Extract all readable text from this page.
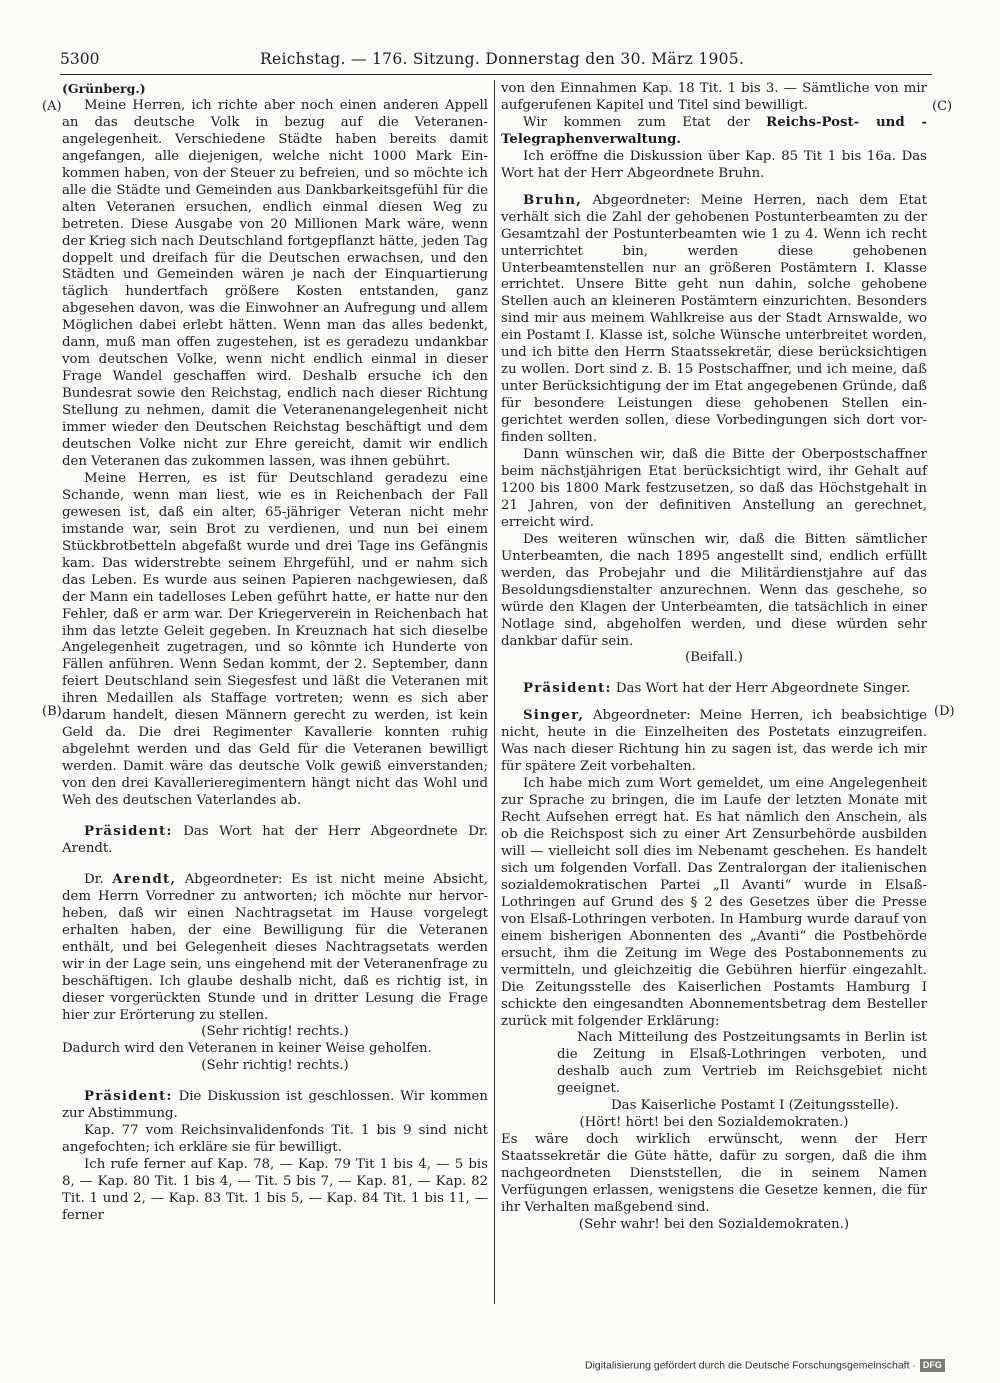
5300	Reichstag. — 176. Sitzung. Donnerstag den 30. März 1905.
(A)
(B)
(C)
(D)

(Grünberg.)

Meine Herren, ich richte aber noch einen anderen Appell an das deutsche Volk in bezug auf die Veteranenangelegenheit. Verschiedene Städte haben bereits damit angefangen, alle diejenigen, welche nicht 1000 Mark Einkommen haben, von der Steuer zu befreien, und so möchte ich alle die Städte und Gemeinden aus Dankbarkeitsgefühl für die alten Veteranen ersuchen, endlich einmal diesen Weg zu betreten. Diese Ausgabe von 20 Millionen Mark wäre, wenn der Krieg sich nach Deutschland fortgepflanzt hätte, jeden Tag doppelt und dreifach für die Deutschen erwachsen, und den Städten und Gemeinden wären je nach der Einquartierung täglich hundertfach größere Kosten entstanden, ganz abgesehen davon, was die Einwohner an Aufregung und allem Möglichen dabei erlebt hätten. Wenn man das alles bedenkt, dann, muß man offen zugestehen, ist es geradezu undankbar vom deutschen Volke, wenn nicht endlich einmal in dieser Frage Wandel geschaffen wird. Deshalb ersuche ich den Bundesrat sowie den Reichstag, endlich nach dieser Richtung Stellung zu nehmen, damit die Veteranenangelegenheit nicht immer wieder den Deutschen Reichstag beschäftigt und dem deutschen Volke nicht zur Ehre gereicht, damit wir endlich den Veteranen das zukommen lassen, was ihnen gebührt.

Meine Herren, es ist für Deutschland geradezu eine Schande, wenn man liest, wie es in Reichenbach der Fall gewesen ist, daß ein alter, 65-jähriger Veteran nicht mehr imstande war, sein Brot zu verdienen, und nun bei einem Stückbrotbetteln abgefaßt wurde und drei Tage ins Gefängnis kam. Das widerstrebte seinem Ehrgefühl, und er nahm sich das Leben. Es wurde aus seinen Papieren nachgewiesen, daß der Mann ein tadelloses Leben geführt hatte, er hatte nur den Fehler, daß er arm war. Der Kriegerverein in Reichenbach hat ihm das letzte Geleit gegeben. In Kreuznach hat sich dieselbe Angelegenheit zugetragen, und so könnte ich Hunderte von Fällen anführen. Wenn Sedan kommt, der 2. September, dann feiert Deutschland sein Siegesfest und läßt die Veteranen mit ihren Medaillen als Staffage vortreten; wenn es sich aber darum handelt, diesen Männern gerecht zu werden, ist kein Geld da. Die drei Regimenter Kavallerie konnten ruhig abgelehnt werden und das Geld für die Veteranen bewilligt werden. Damit wäre das deutsche Volk gewiß einverstanden; von den drei Kavallerieregimentern hängt nicht das Wohl und Weh des deutschen Vaterlandes ab.

Präsident: Das Wort hat der Herr Abgeordnete Dr. Arendt.

Dr. Arendt, Abgeordneter: Es ist nicht meine Absicht, dem Herrn Vorredner zu antworten; ich möchte nur hervorheben, daß wir einen Nachtragsetat im Hause vorgelegt erhalten haben, der eine Bewilligung für die Veteranen enthält, und bei Gelegenheit dieses Nachtragsetats werden wir in der Lage sein, uns eingehend mit der Veteranenfrage zu beschäftigen. Ich glaube deshalb nicht, daß es richtig ist, in dieser vorgerückten Stunde und in dritter Lesung die Frage hier zur Erörterung zu stellen.

(Sehr richtig! rechts.)

Dadurch wird den Veteranen in keiner Weise geholfen.

(Sehr richtig! rechts.)

Präsident: Die Diskussion ist geschlossen. Wir kommen zur Abstimmung.

Kap. 77 vom Reichsinvalidenfonds Tit. 1 bis 9 sind nicht angefochten; ich erkläre sie für bewilligt.

Ich rufe ferner auf Kap. 78, — Kap. 79 Tit 1 bis 4, — 5 bis 8, — Kap. 80 Tit. 1 bis 4, — Tit. 5 bis 7, — Kap. 81, — Kap. 82 Tit. 1 und 2, — Kap. 83 Tit. 1 bis 5, — Kap. 84 Tit. 1 bis 11, — ferner

von den Einnahmen Kap. 18 Tit. 1 bis 3. — Sämtliche von mir aufgerufenen Kapitel und Titel sind bewilligt.

Wir kommen zum Etat der Reichs-Post- und -Telegraphenverwaltung.

Ich eröffne die Diskussion über Kap. 85 Tit 1 bis 16a. Das Wort hat der Herr Abgeordnete Bruhn.

Bruhn, Abgeordneter: Meine Herren, nach dem Etat verhält sich die Zahl der gehobenen Postunterbeamten zu der Gesamtzahl der Postunterbeamten wie 1 zu 4. Wenn ich recht unterrichtet bin, werden diese gehobenen Unterbeamtenstellen nur an größeren Postämtern I. Klasse errichtet. Unsere Bitte geht nun dahin, solche gehobene Stellen auch an kleineren Postämtern einzurichten. Besonders sind mir aus meinem Wahlkreise aus der Stadt Arnswalde, wo ein Postamt I. Klasse ist, solche Wünsche unterbreitet worden, und ich bitte den Herrn Staatssekretär, diese berücksichtigen zu wollen. Dort sind z. B. 15 Postschaffner, und ich meine, daß unter Berücksichtigung der im Etat angegebenen Gründe, daß für besondere Leistungen diese gehobenen Stellen eingerichtet werden sollen, diese Vorbedingungen sich dort vorfinden sollten.

Dann wünschen wir, daß die Bitte der Oberpostschaffner beim nächstjährigen Etat berücksichtigt wird, ihr Gehalt auf 1200 bis 1800 Mark festzusetzen, so daß das Höchstgehalt in 21 Jahren, von der definitiven Anstellung an gerechnet, erreicht wird.

Des weiteren wünschen wir, daß die Bitten sämtlicher Unterbeamten, die nach 1895 angestellt sind, endlich erfüllt werden, das Probejahr und die Militärdienstjahre auf das Besoldungsdienstalter anzurechnen. Wenn das geschehe, so würde den Klagen der Unterbeamten, die tatsächlich in einer Notlage sind, abgeholfen werden, und diese würden sehr dankbar dafür sein.

(Beifall.)

Präsident: Das Wort hat der Herr Abgeordnete Singer.

Singer, Abgeordneter: Meine Herren, ich beabsichtige nicht, heute in die Einzelheiten des Postetats einzugreifen. Was nach dieser Richtung hin zu sagen ist, das werde ich mir für spätere Zeit vorbehalten.

Ich habe mich zum Wort gemeldet, um eine Angelegenheit zur Sprache zu bringen, die im Laufe der letzten Monate mit Recht Aufsehen erregt hat. Es hat nämlich den Anschein, als ob die Reichspost sich zu einer Art Zensurbehörde ausbilden will — vielleicht soll dies im Nebenamt geschehen. Es handelt sich um folgenden Vorfall. Das Zentralorgan der italienischen sozialdemokratischen Partei „Il Avanti“ wurde in Elsaß-Lothringen auf Grund des § 2 des Gesetzes über die Presse von Elsaß-Lothringen verboten. In Hamburg wurde darauf von einem bisherigen Abonnenten des „Avanti“ die Postbehörde ersucht, ihm die Zeitung im Wege des Postabonnements zu vermitteln, und gleichzeitig die Gebühren hierfür eingezahlt. Die Zeitungsstelle des Kaiserlichen Postamts Hamburg I schickte den eingesandten Abonnementsbetrag dem Besteller zurück mit folgender Erklärung:

Nach Mitteilung des Postzeitungsamts in Berlin ist die Zeitung in Elsaß-Lothringen verboten, und deshalb auch zum Vertrieb im Reichsgebiet nicht geeignet.

Das Kaiserliche Postamt I (Zeitungsstelle).

(Hört! hört! bei den Sozialdemokraten.)

Es wäre doch wirklich erwünscht, wenn der Herr Staatssekretär die Güte hätte, dafür zu sorgen, daß die ihm nachgeordneten Dienststellen, die in seinem Namen Verfügungen erlassen, wenigstens die Gesetze kennen, die für ihr Verhalten maßgebend sind.

(Sehr wahr! bei den Sozialdemokraten.)

Digitalisierung gefördert durch die Deutsche Forschungsgemeinschaft · DFG
